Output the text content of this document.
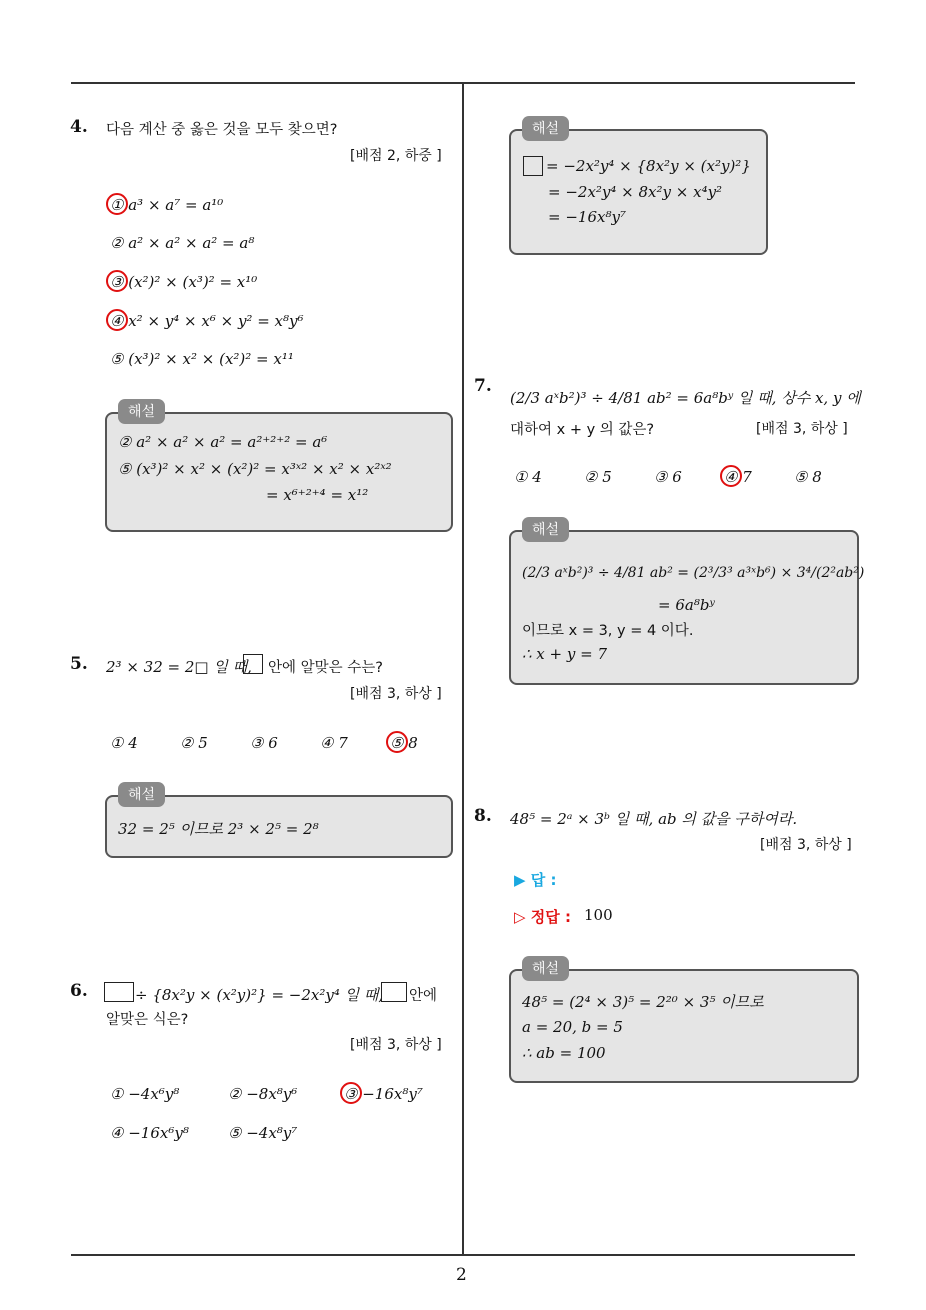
2
4. 다음 계산 중 옳은 것을 모두 찾으면?
[배점 2, 하중 ]
① a³ × a⁷ = a¹⁰
② a² × a² × a² = a⁸
③ (x²)² × (x³)² = x¹⁰
④ x² × y⁴ × x⁶ × y² = x⁸y⁶
⑤ (x³)² × x² × (x²)² = x¹¹
해설
② a² × a² × a² = a²⁺²⁺² = a⁶
⑤ (x³)² × x² × (x²)² = x³ˣ² × x² × x²ˣ²
= x⁶⁺²⁺⁴ = x¹²
5. 2³ × 32 = 2□ 일 때, 안에 알맞은 수는?
[배점 3, 하상 ]
① 4	② 5	③ 6	④ 7	⑤ 8
해설
32 = 2⁵ 이므로 2³ × 2⁵ = 2⁸
6.	÷ {8x²y × (x²y)²} = −2x²y⁴ 일 때, 안에
알맞은 식은?
[배점 3, 하상 ]
① −4x⁶y⁸	② −8x⁸y⁶	③ −16x⁸y⁷
④ −16x⁶y⁸	⑤ −4x⁸y⁷
해설
= −2x²y⁴ × {8x²y × (x²y)²}
= −2x²y⁴ × 8x²y × x⁴y²
= −16x⁸y⁷
7.
(2/3 aˣb²)³ ÷ 4/81 ab² = 6a⁸bʸ 일 때, 상수 x, y 에
대하여 x + y 의 값은?	[배점 3, 하상 ]
① 4	② 5	③ 6	④ 7	⑤ 8
해설
(2/3 aˣb²)³ ÷ 4/81 ab² = (2³/3³ a³ˣb⁶) × 3⁴/(2²ab²)
= 6a⁸bʸ
이므로 x = 3, y = 4 이다.
∴ x + y = 7
8. 48⁵ = 2ᵃ × 3ᵇ 일 때, ab 의 값을 구하여라.
[배점 3, 하상 ]
▶ 답 :
▷ 정답 : 100
해설
48⁵ = (2⁴ × 3)⁵ = 2²⁰ × 3⁵ 이므로
a = 20, b = 5
∴ ab = 100
